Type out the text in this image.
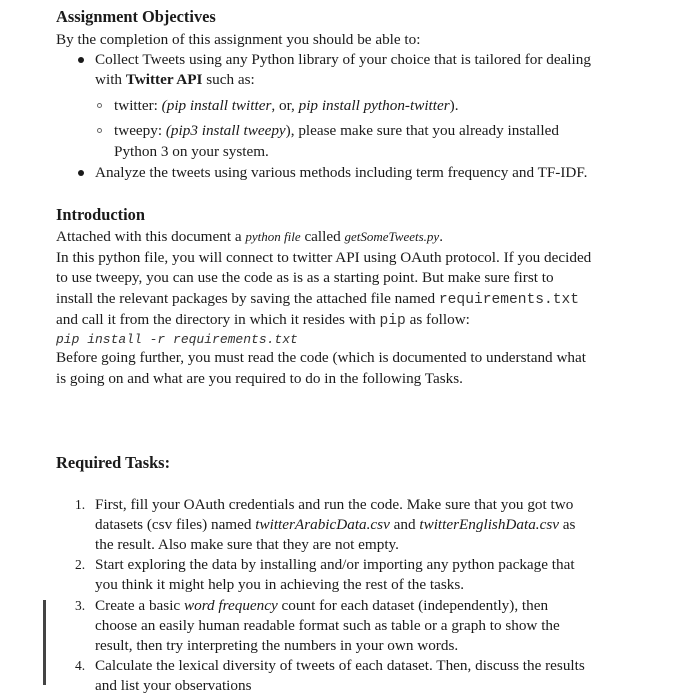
Assignment Objectives
By the completion of this assignment you should be able to:
Collect Tweets using any Python library of your choice that is tailored for dealing
with Twitter API such as:
twitter: (pip install twitter, or, pip install python-twitter).
tweepy: (pip3 install tweepy), please make sure that you already installed
Python 3 on your system.
Analyze the tweets using various methods including term frequency and TF-IDF.
Introduction
Attached with this document a python file called getSomeTweets.py.
In this python file, you will connect to twitter API using OAuth protocol. If you decided
to use tweepy, you can use the code as is as a starting point. But make sure first to
install the relevant packages by saving the attached file named requirements.txt
and call it from the directory in which it resides with pip as follow:
pip install -r requirements.txt
Before going further, you must read the code (which is documented to understand what
is going on and what are you required to do in the following Tasks.
Required Tasks:
1. First, fill your OAuth credentials and run the code. Make sure that you got two
datasets (csv files) named twitterArabicData.csv and twitterEnglishData.csv as
the result. Also make sure that they are not empty.
2. Start exploring the data by installing and/or importing any python package that
you think it might help you in achieving the rest of the tasks.
3. Create a basic word frequency count for each dataset (independently), then
choose an easily human readable format such as table or a graph to show the
result, then try interpreting the numbers in your own words.
4. Calculate the lexical diversity of tweets of each dataset. Then, discuss the results
and list your observations
